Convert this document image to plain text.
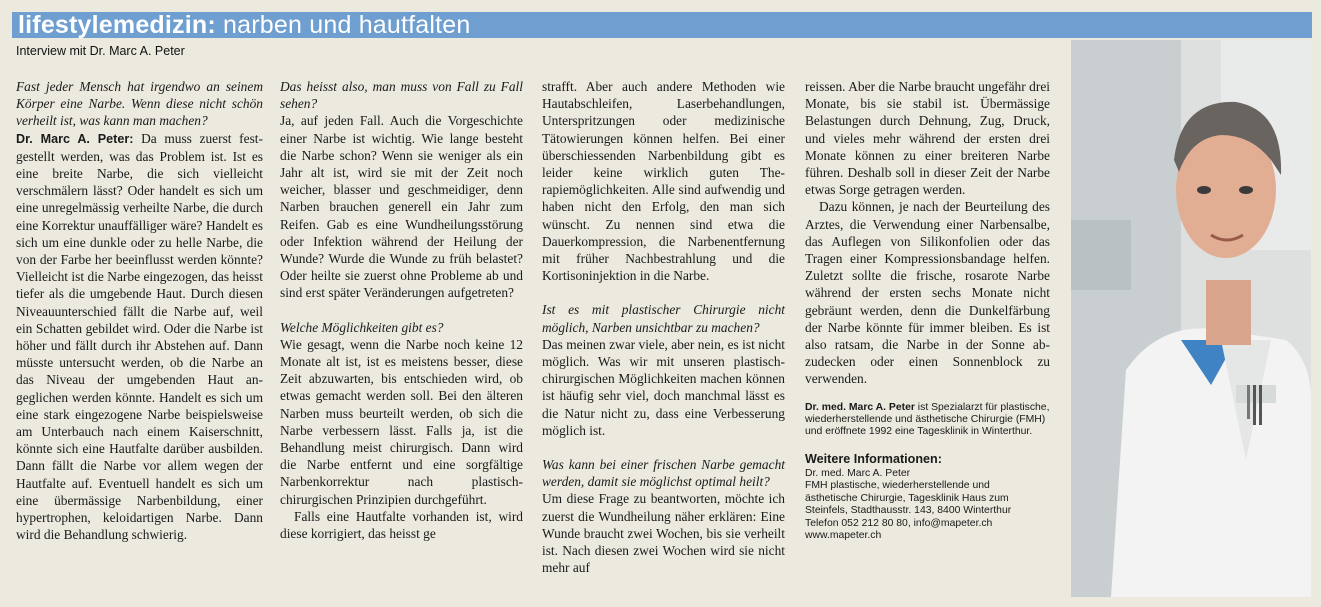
lifestylemedizin: narben und hautfalten
Interview mit Dr. Marc A. Peter

Fast jeder Mensch hat irgendwo an seinem Körper eine Narbe. Wenn diese nicht schön verheilt ist, was kann man machen?

Dr. Marc A. Peter: Da muss zuerst festgestellt werden, was das Problem ist. Ist es eine breite Narbe, die sich vielleicht verschmälern lässt? Oder handelt es sich um eine unregelmässig verheilte Narbe, die durch eine Korrektur unauffälliger wäre? Handelt es sich um eine dunkle oder zu helle Narbe, die von der Farbe her beeinflusst werden könnte? Vielleicht ist die Narbe eingezogen, das heisst tiefer als die umgebende Haut. Durch diesen Niveauunterschied fällt die Narbe auf, weil ein Schatten gebildet wird. Oder die Narbe ist höher und fällt durch ihr Abstehen auf. Dann müsste untersucht werden, ob die Narbe an das Niveau der umgebenden Haut angeglichen werden könnte. Handelt es sich um eine stark eingezogene Narbe beispielsweise am Unterbauch nach einem Kaiserschnitt, könnte sich eine Hautfalte darüber ausbilden. Dann fällt die Narbe vor allem wegen der Hautfalte auf. Eventuell handelt es sich um eine übermässige Narbenbildung, einer hypertrophen, keloidartigen Narbe. Dann wird die Behandlung schwierig.

Das heisst also, man muss von Fall zu Fall sehen?

Ja, auf jeden Fall. Auch die Vorgeschichte einer Narbe ist wichtig. Wie lange besteht die Narbe schon? Wenn sie weniger als ein Jahr alt ist, wird sie mit der Zeit noch weicher, blasser und geschmeidiger, denn Narben brauchen generell ein Jahr zum Reifen. Gab es eine Wundheilungsstörung oder Infektion während der Heilung der Wunde? Wurde die Wunde zu früh belastet? Oder heilte sie zuerst ohne Probleme ab und sind erst später Veränderungen aufgetreten?

Welche Möglichkeiten gibt es?

Wie gesagt, wenn die Narbe noch keine 12 Monate alt ist, ist es meistens besser, diese Zeit abzuwarten, bis entschieden wird, ob etwas gemacht werden soll. Bei den älteren Narben muss beurteilt werden, ob sich die Narbe verbessern lässt. Falls ja, ist die Behandlung meist chirurgisch. Dann wird die Narbe entfernt und eine sorgfältige Narbenkorrektur nach plastisch-chirurgischen Prinzipien durchgeführt.

Falls eine Hautfalte vorhanden ist, wird diese korrigiert, das heisst ge

strafft. Aber auch andere Methoden wie Hautabschleifen, Laserbehandlungen, Unterspritzungen oder medizinische Tätowierungen können helfen. Bei einer überschiessenden Narbenbildung gibt es leider keine wirklich guten Therapiemöglichkeiten. Alle sind aufwendig und haben nicht den Erfolg, den man sich wünscht. Zu nennen sind etwa die Dauerkompression, die Narbenentfernung mit früher Nachbestrahlung und die Kortisoninjektion in die Narbe.

Ist es mit plastischer Chirurgie nicht möglich, Narben unsichtbar zu machen?

Das meinen zwar viele, aber nein, es ist nicht möglich. Was wir mit unseren plastisch-chirurgischen Möglichkeiten machen können ist häufig sehr viel, doch manchmal lässt es die Natur nicht zu, dass eine Verbesserung möglich ist.

Was kann bei einer frischen Narbe gemacht werden, damit sie möglichst optimal heilt?

Um diese Frage zu beantworten, möchte ich zuerst die Wundheilung näher erklären: Eine Wunde braucht zwei Wochen, bis sie verheilt ist. Nach diesen zwei Wochen wird sie nicht mehr auf

reissen. Aber die Narbe braucht ungefähr drei Monate, bis sie stabil ist. Übermässige Belastungen durch Dehnung, Zug, Druck, und vieles mehr während der ersten drei Monate können zu einer breiteren Narbe führen. Deshalb soll in dieser Zeit der Narbe etwas Sorge getragen werden.

Dazu können, je nach der Beurteilung des Arztes, die Verwendung einer Narbensalbe, das Auflegen von Silikonfolien oder das Tragen einer Kompressionsbandage helfen. Zuletzt sollte die frische, rosarote Narbe während der ersten sechs Monate nicht gebräunt werden, denn die Dunkelfärbung der Narbe könnte für immer bleiben. Es ist also ratsam, die Narbe in der Sonne abzudecken oder einen Sonnenblock zu verwenden.

Dr. med. Marc A. Peter ist Spezialarzt für plastische, wiederherstellende und ästhetische Chirurgie (FMH) und eröffnete 1992 eine Tagesklinik in Winterthur.

Weitere Informationen:

Dr. med. Marc A. Peter
FMH plastische, wiederherstellende und
ästhetische Chirurgie, Tagesklinik Haus zum
Steinfels, Stadthausstr. 143, 8400 Winterthur
Telefon 052 212 80 80, info@mapeter.ch
www.mapeter.ch
